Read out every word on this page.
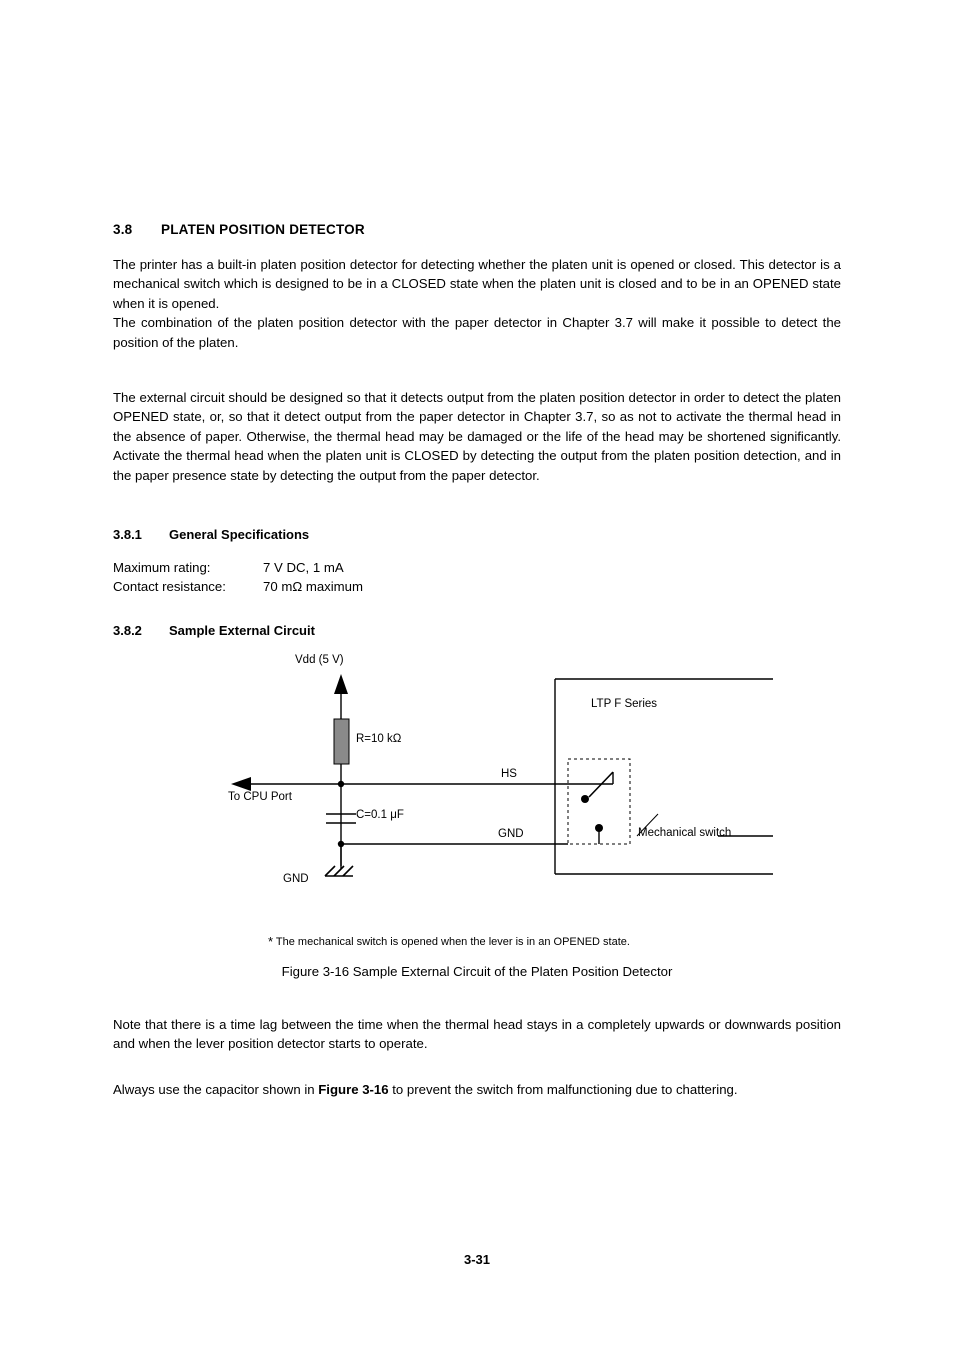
3.8 PLATEN POSITION DETECTOR

The printer has a built-in platen position detector for detecting whether the platen unit is opened or closed. This detector is a mechanical switch which is designed to be in a CLOSED state when the platen unit is closed and to be in an OPENED state when it is opened.

The combination of the platen position detector with the paper detector in Chapter 3.7 will make it possible to detect the position of the platen.

The external circuit should be designed so that it detects output from the platen position detector in order to detect the platen OPENED state, or, so that it detect output from the paper detector in Chapter 3.7, so as not to activate the thermal head in the absence of paper. Otherwise, the thermal head may be damaged or the life of the head may be shortened significantly. Activate the thermal head when the platen unit is CLOSED by detecting the output from the platen position detection, and in the paper presence state by detecting the output from the paper detector.

3.8.1 General Specifications
Maximum rating:	7 V DC, 1 mA
Contact resistance:	70 mΩ maximum
3.8.2 Sample External Circuit
Vdd (5 V)
R=10 kΩ
C=0.1 μF
To CPU Port
GND
HS
GND
LTP F Series
Mechanical switch
* The mechanical switch is opened when the lever is in an OPENED state.
Figure 3-16 Sample External Circuit of the Platen Position Detector

Note that there is a time lag between the time when the thermal head stays in a completely upwards or downwards position and when the lever position detector starts to operate.

Always use the capacitor shown in Figure 3-16 to prevent the switch from malfunctioning due to chattering.

3-31
